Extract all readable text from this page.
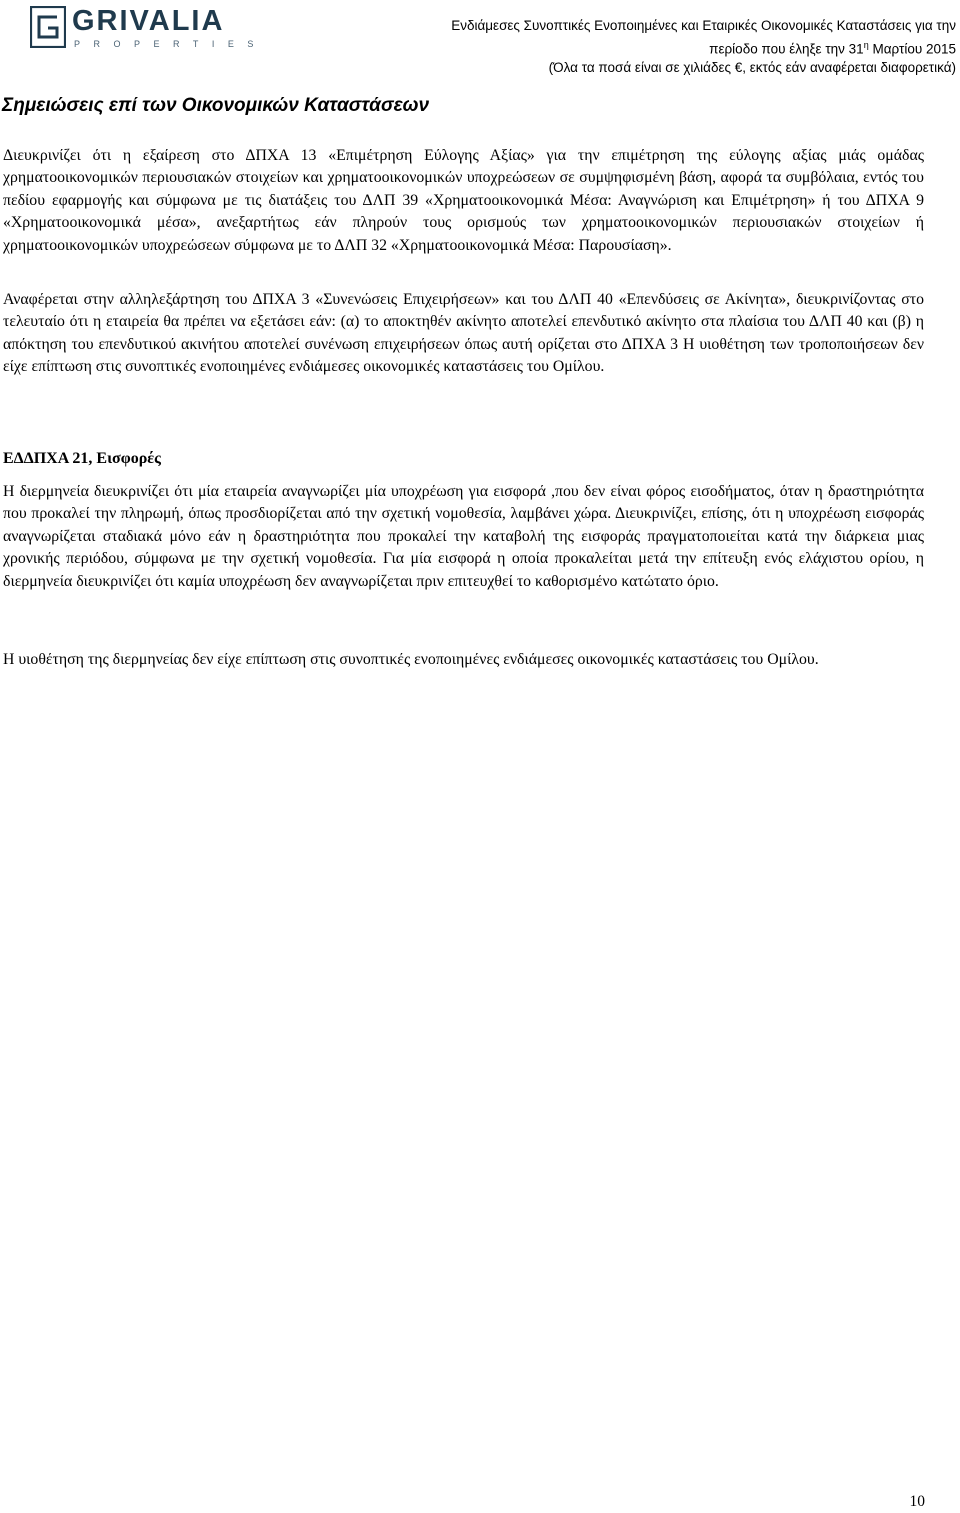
GRIVALIA
PROPERTIES
Ενδιάμεσες Συνοπτικές Ενοποιημένες και Εταιρικές Οικονομικές Καταστάσεις για την
περίοδο που έληξε την $31^\eta$ Μαρτίου 2015
(Όλα τα ποσά είναι σε χιλιάδες €, εκτός εάν αναφέρεται διαφορετικά)
Σημειώσεις επί των Οικονομικών Καταστάσεων

Διευκρινίζει ότι η εξαίρεση στο ΔΠΧΑ 13 «Επιμέτρηση Εύλογης Αξίας» για την επιμέτρηση της εύλογης αξίας μιάς ομάδας χρηματοοικονομικών περιουσιακών στοιχείων και χρηματοοικονομικών υποχρεώσεων σε συμψηφισμένη βάση, αφορά τα συμβόλαια, εντός του πεδίου εφαρμογής και σύμφωνα με τις διατάξεις του ΔΛΠ 39 «Χρηματοοικονομικά Μέσα: Αναγνώριση και Επιμέτρηση» ή του ΔΠΧΑ 9 «Χρηματοοικονομικά μέσα», ανεξαρτήτως εάν πληρούν τους ορισμούς των χρηματοοικονομικών περιουσιακών στοιχείων ή χρηματοοικονομικών υποχρεώσεων σύμφωνα με το ΔΛΠ 32 «Χρηματοοικονομικά Μέσα: Παρουσίαση».

Αναφέρεται στην αλληλεξάρτηση του ΔΠΧΑ 3 «Συνενώσεις Επιχειρήσεων» και του ΔΛΠ 40 «Επενδύσεις σε Ακίνητα», διευκρινίζοντας στο τελευταίο ότι η εταιρεία θα πρέπει να εξετάσει εάν: (α) το αποκτηθέν ακίνητο αποτελεί επενδυτικό ακίνητο στα πλαίσια του ΔΛΠ 40 και (β) η απόκτηση του επενδυτικού ακινήτου αποτελεί συνένωση επιχειρήσεων όπως αυτή ορίζεται στο ΔΠΧΑ 3 Η υιοθέτηση των τροποποιήσεων δεν είχε επίπτωση στις συνοπτικές ενοποιημένες ενδιάμεσες οικονομικές καταστάσεις του Ομίλου.

ΕΔΔΠΧΑ 21, Εισφορές

Η διερμηνεία διευκρινίζει ότι μία εταιρεία αναγνωρίζει μία υποχρέωση για εισφορά ,που δεν είναι φόρος εισοδήματος, όταν η δραστηριότητα που προκαλεί την πληρωμή, όπως προσδιορίζεται από την σχετική νομοθεσία, λαμβάνει χώρα. Διευκρινίζει, επίσης, ότι η υποχρέωση εισφοράς αναγνωρίζεται σταδιακά μόνο εάν η δραστηριότητα που προκαλεί την καταβολή της εισφοράς πραγματοποιείται κατά την διάρκεια μιας χρονικής περιόδου, σύμφωνα με την σχετική νομοθεσία. Για μία εισφορά η οποία προκαλείται μετά την επίτευξη ενός ελάχιστου ορίου, η διερμηνεία διευκρινίζει ότι καμία υποχρέωση δεν αναγνωρίζεται πριν επιτευχθεί το καθορισμένο κατώτατο όριο.

Η υιοθέτηση της διερμηνείας δεν είχε επίπτωση στις συνοπτικές ενοποιημένες ενδιάμεσες οικονομικές καταστάσεις του Ομίλου.

10
